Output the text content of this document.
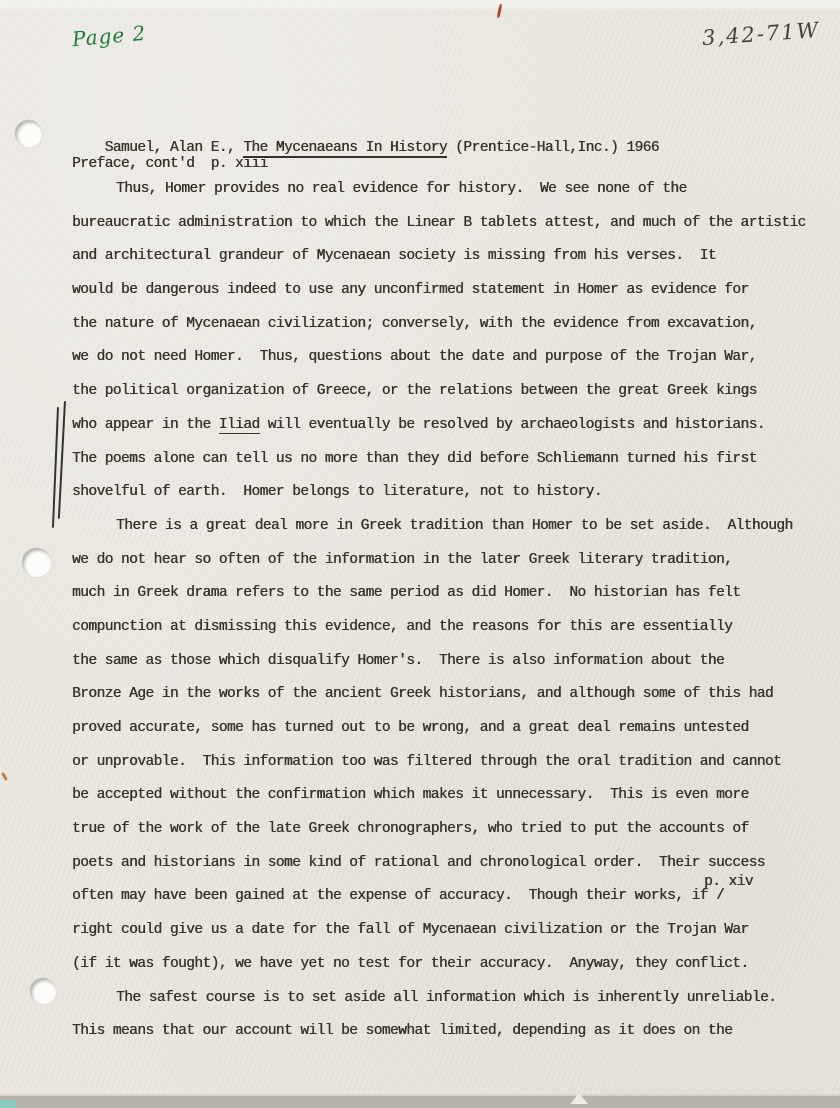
Page 2	3,42-71W

Samuel, Alan E., The Mycenaeans In History (Prentice-Hall,Inc.) 1966

Preface, cont'd  p. xiii
Thus, Homer provides no real evidence for history.  We see none of the
bureaucratic administration to which the Linear B tablets attest, and much of the artistic
and architectural grandeur of Mycenaean society is missing from his verses.  It
would be dangerous indeed to use any unconfirmed statement in Homer as evidence for
the nature of Mycenaean civilization; conversely, with the evidence from excavation,
we do not need Homer.  Thus, questions about the date and purpose of the Trojan War,
the political organization of Greece, or the relations between the great Greek kings
who appear in the Iliad will eventually be resolved by archaeologists and historians.
The poems alone can tell us no more than they did before Schliemann turned his first
shovelful of earth.  Homer belongs to literature, not to history.
There is a great deal more in Greek tradition than Homer to be set aside.  Although
we do not hear so often of the information in the later Greek literary tradition,
much in Greek drama refers to the same period as did Homer.  No historian has felt
compunction at dismissing this evidence, and the reasons for this are essentially
the same as those which disqualify Homer's.  There is also information about the
Bronze Age in the works of the ancient Greek historians, and although some of this had
proved accurate, some has turned out to be wrong, and a great deal remains untested
or unprovable.  This information too was filtered through the oral tradition and cannot
be accepted without the confirmation which makes it unnecessary.  This is even more
true of the work of the late Greek chronographers, who tried to put the accounts of
poets and historians in some kind of rational and chronological order.  Their success
often may have been gained at the expense of accuracy.  Though their works, if /
p. xiv
right could give us a date for the fall of Mycenaean civilization or the Trojan War
(if it was fought), we have yet no test for their accuracy.  Anyway, they conflict.
The safest course is to set aside all information which is inherently unreliable.
This means that our account will be somewhat limited, depending as it does on the
